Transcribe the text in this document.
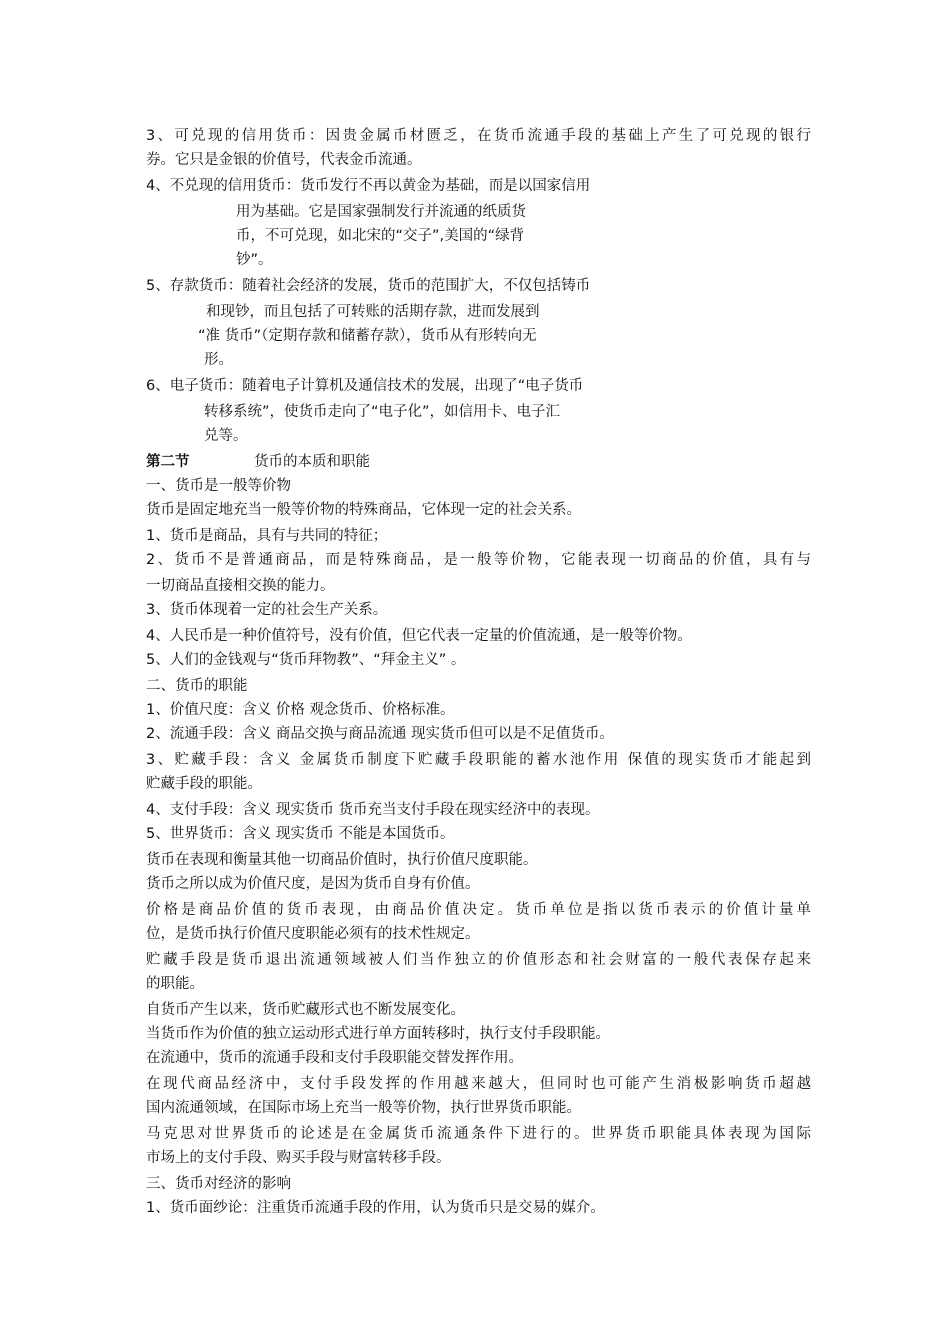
3、可兑现的信用货币：因贵金属币材匮乏，在货币流通手段的基础上产生了可兑现的银行
券。它只是金银的价值号，代表金币流通。
4、不兑现的信用货币：货币发行不再以黄金为基础，而是以国家信用
用为基础。它是国家强制发行并流通的纸质货
币，不可兑现，如北宋的“交子”,美国的“绿背
钞”。
5、存款货币：随着社会经济的发展，货币的范围扩大，不仅包括铸币
和现钞，而且包括了可转账的活期存款，进而发展到
“准 货币”（定期存款和储蓄存款），货币从有形转向无
形。
6、电子货币：随着电子计算机及通信技术的发展，出现了“电子货币
转移系统”，使货币走向了“电子化”，如信用卡、电子汇
兑等。
第二节	货币的本质和职能
一、货币是一般等价物
货币是固定地充当一般等价物的特殊商品，它体现一定的社会关系。
1、货币是商品，具有与共同的特征；
2、货币不是普通商品，而是特殊商品，是一般等价物，它能表现一切商品的价值，具有与
一切商品直接相交换的能力。
3、货币体现着一定的社会生产关系。
4、人民币是一种价值符号，没有价值，但它代表一定量的价值流通，是一般等价物。
5、人们的金钱观与“货币拜物教”、“拜金主义” 。
二、货币的职能
1、价值尺度：含义 价格 观念货币、价格标准。
2、流通手段：含义 商品交换与商品流通 现实货币但可以是不足值货币。
3、贮藏手段：含义 金属货币制度下贮藏手段职能的蓄水池作用 保值的现实货币才能起到
贮藏手段的职能。
4、支付手段：含义 现实货币 货币充当支付手段在现实经济中的表现。
5、世界货币：含义 现实货币 不能是本国货币。
货币在表现和衡量其他一切商品价值时，执行价值尺度职能。
货币之所以成为价值尺度，是因为货币自身有价值。
价格是商品价值的货币表现，由商品价值决定。货币单位是指以货币表示的价值计量单
位，是货币执行价值尺度职能必须有的技术性规定。
贮藏手段是货币退出流通领域被人们当作独立的价值形态和社会财富的一般代表保存起来
的职能。
自货币产生以来，货币贮藏形式也不断发展变化。
当货币作为价值的独立运动形式进行单方面转移时，执行支付手段职能。
在流通中，货币的流通手段和支付手段职能交替发挥作用。
在现代商品经济中，支付手段发挥的作用越来越大，但同时也可能产生消极影响货币超越
国内流通领域，在国际市场上充当一般等价物，执行世界货币职能。
马克思对世界货币的论述是在金属货币流通条件下进行的。世界货币职能具体表现为国际
市场上的支付手段、购买手段与财富转移手段。
三、货币对经济的影响
1、货币面纱论：注重货币流通手段的作用，认为货币只是交易的媒介。
